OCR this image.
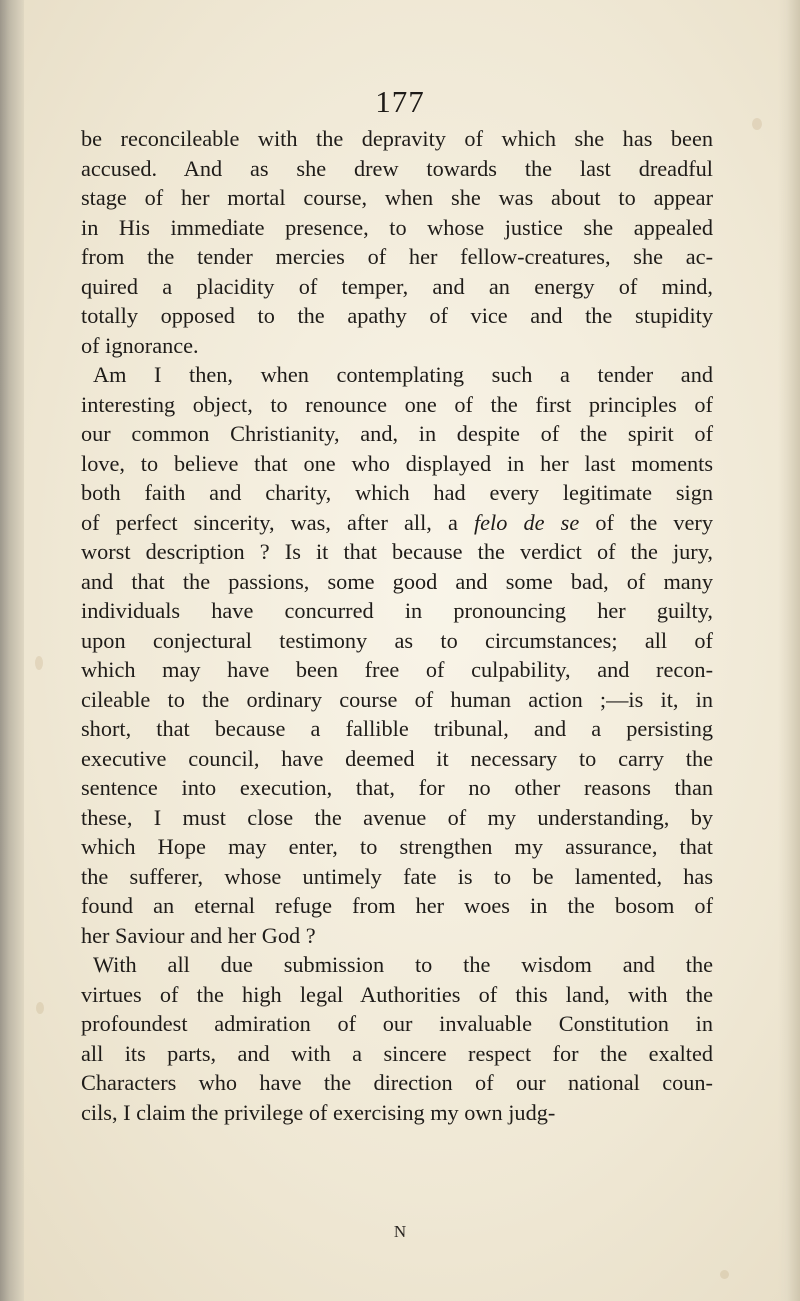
177
be reconcileable with the depravity of which she has been
accused. And as she drew towards the last dreadful
stage of her mortal course, when she was about to appear
in His immediate presence, to whose justice she appealed
from the tender mercies of her fellow-creatures, she ac-
quired a placidity of temper, and an energy of mind,
totally opposed to the apathy of vice and the stupidity
of ignorance.
Am I then, when contemplating such a tender and
interesting object, to renounce one of the first principles of
our common Christianity, and, in despite of the spirit of
love, to believe that one who displayed in her last moments
both faith and charity, which had every legitimate sign
of perfect sincerity, was, after all, a felo de se of the very
worst description ? Is it that because the verdict of the jury,
and that the passions, some good and some bad, of many
individuals have concurred in pronouncing her guilty,
upon conjectural testimony as to circumstances; all of
which may have been free of culpability, and recon-
cileable to the ordinary course of human action ;—is it, in
short, that because a fallible tribunal, and a persisting
executive council, have deemed it necessary to carry the
sentence into execution, that, for no other reasons than
these, I must close the avenue of my understanding, by
which Hope may enter, to strengthen my assurance, that
the sufferer, whose untimely fate is to be lamented, has
found an eternal refuge from her woes in the bosom of
her Saviour and her God ?
With all due submission to the wisdom and the
virtues of the high legal Authorities of this land, with the
profoundest admiration of our invaluable Constitution in
all its parts, and with a sincere respect for the exalted
Characters who have the direction of our national coun-
cils, I claim the privilege of exercising my own judg-
N
